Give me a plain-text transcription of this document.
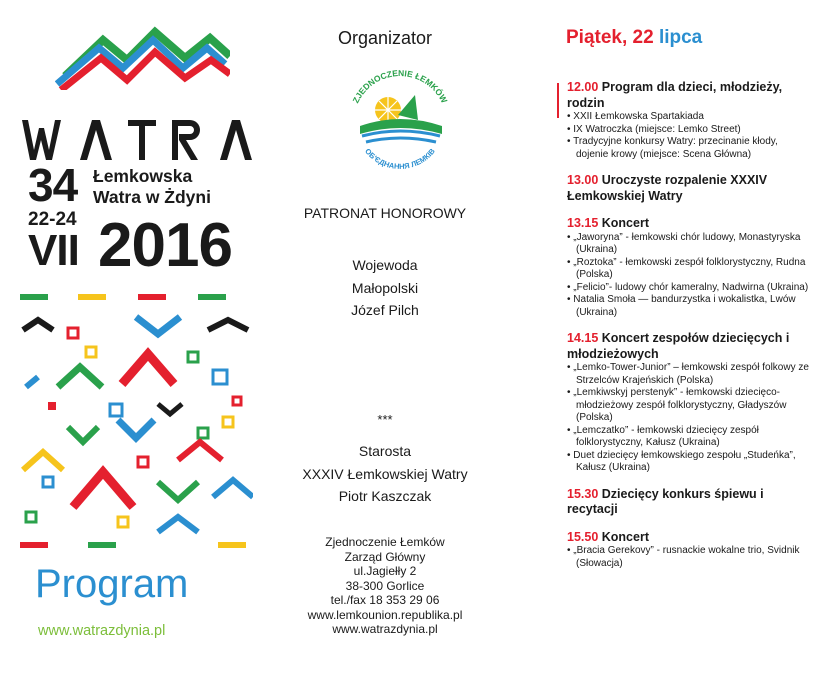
34 Łemkowska
Watra w Żdyni
22-24
VII 2016
Program
www.watrazdynia.pl
Organizator
ZJEDNOCZENIE ŁEMKÓW
ОБ'ЄДНАННЯ ЛЕМКІВ
PATRONAT HONOROWY
Wojewoda
Małopolski
Józef Pilch
***
Starosta
XXXIV Łemkowskiej Watry
Piotr Kaszczak
Zjednoczenie Łemków
Zarząd Główny
ul.Jagiełły 2
38-300 Gorlice
tel./fax 18 353 29 06
www.lemkounion.republika.pl
www.watrazdynia.pl
Piątek, 22 lipca
12.00 Program dla dzieci, młodzieży, rodzin
• XXII Łemkowska Spartakiada
• IX Watroczka (miejsce: Lemko Street)
• Tradycyjne konkursy Watry: przecinanie kłody, dojenie krowy (miejsce: Scena Główna)
13.00 Uroczyste rozpalenie XXXIV Łemkowskiej Watry
13.15 Koncert
• „Jaworyna” - łemkowski chór ludowy, Monastyryska (Ukraina)
• „Roztoka” - łemkowski zespół folklorystyczny, Rudna (Polska)
• „Felicio”- ludowy chór kameralny, Nadwirna (Ukraina)
• Natalia Smoła — bandurzystka i wokalistka, Lwów (Ukraina)
14.15 Koncert zespołów dziecięcych i młodzieżowych
• „Lemko-Tower-Junior” – łemkowski zespół folkowy ze Strzelców Krajeńskich (Polska)
• „Lemkiwskyj perstenyk” - łemkowski dziecięco-młodzieżowy zespół folklorystyczny, Gładyszów (Polska)
• „Lemczatko” - łemkowski dziecięcy zespół folklorystyczny, Kałusz (Ukraina)
• Duet dziecięcy łemkowskiego zespołu „Studeńka”, Kałusz (Ukraina)
15.30 Dziecięcy konkurs śpiewu i recytacji
15.50 Koncert
• „Bracia Gerekovy” - rusnackie wokalne trio, Svidnik (Słowacja)
